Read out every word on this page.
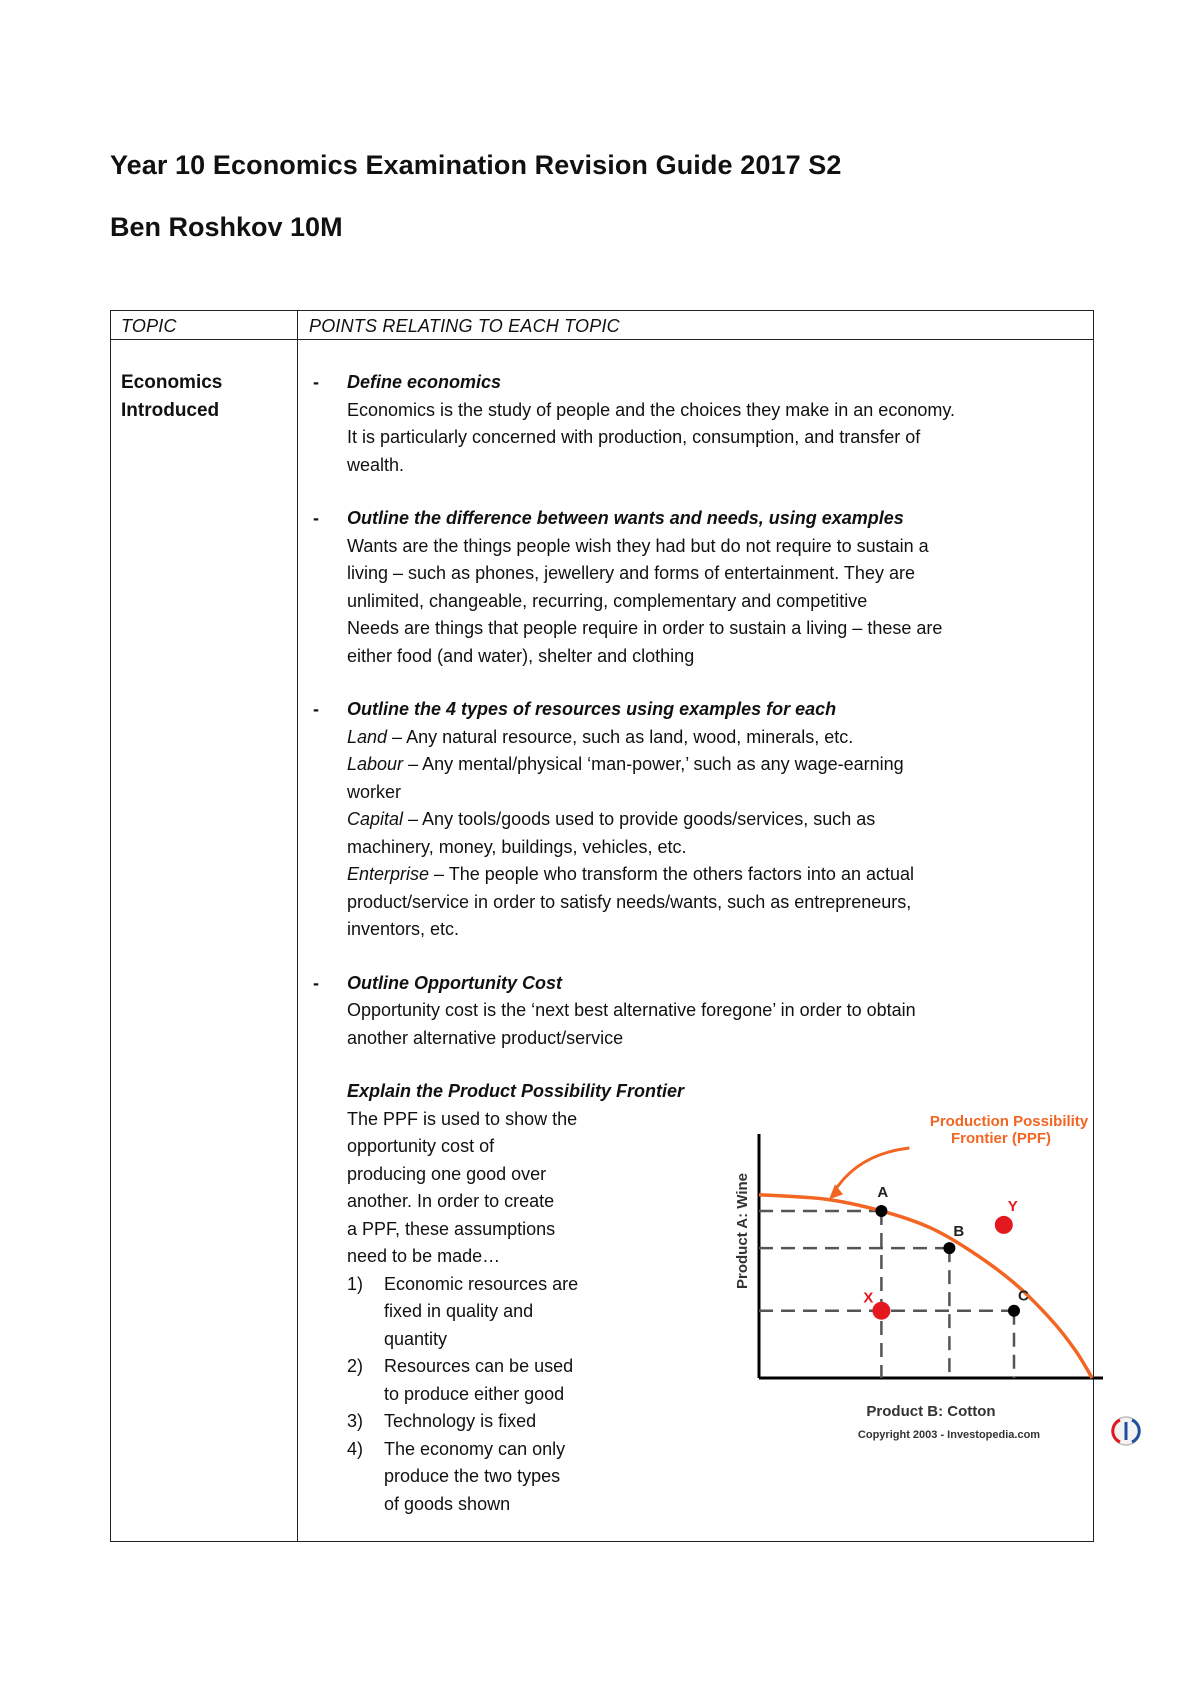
Year 10 Economics Examination Revision Guide 2017 S2
Ben Roshkov 10M
TOPIC	POINTS RELATING TO EACH TOPIC
Economics
Introduced
- Define economics
Economics is the study of people and the choices they make in an economy.
It is particularly concerned with production, consumption, and transfer of
wealth.
- Outline the difference between wants and needs, using examples
Wants are the things people wish they had but do not require to sustain a
living – such as phones, jewellery and forms of entertainment. They are
unlimited, changeable, recurring, complementary and competitive
Needs are things that people require in order to sustain a living – these are
either food (and water), shelter and clothing
- Outline the 4 types of resources using examples for each
Land – Any natural resource, such as land, wood, minerals, etc.
Labour – Any mental/physical ‘man-power,’ such as any wage-earning
worker
Capital – Any tools/goods used to provide goods/services, such as
machinery, money, buildings, vehicles, etc.
Enterprise – The people who transform the others factors into an actual
product/service in order to satisfy needs/wants, such as entrepreneurs,
inventors, etc.
- Outline Opportunity Cost
Opportunity cost is the ‘next best alternative foregone’ in order to obtain
another alternative product/service
Explain the Product Possibility Frontier
The PPF is used to show the
opportunity cost of
producing one good over
another. In order to create
a PPF, these assumptions
need to be made…
1) Economic resources are
fixed in quality and
quantity
2) Resources can be used
to produce either good
3) Technology is fixed
4) The economy can only
produce the two types
of goods shown
A
B
C
X
Y
Production Possibility
Frontier (PPF)
Product A: Wine
Product B: Cotton
Copyright 2003 - Investopedia.com
